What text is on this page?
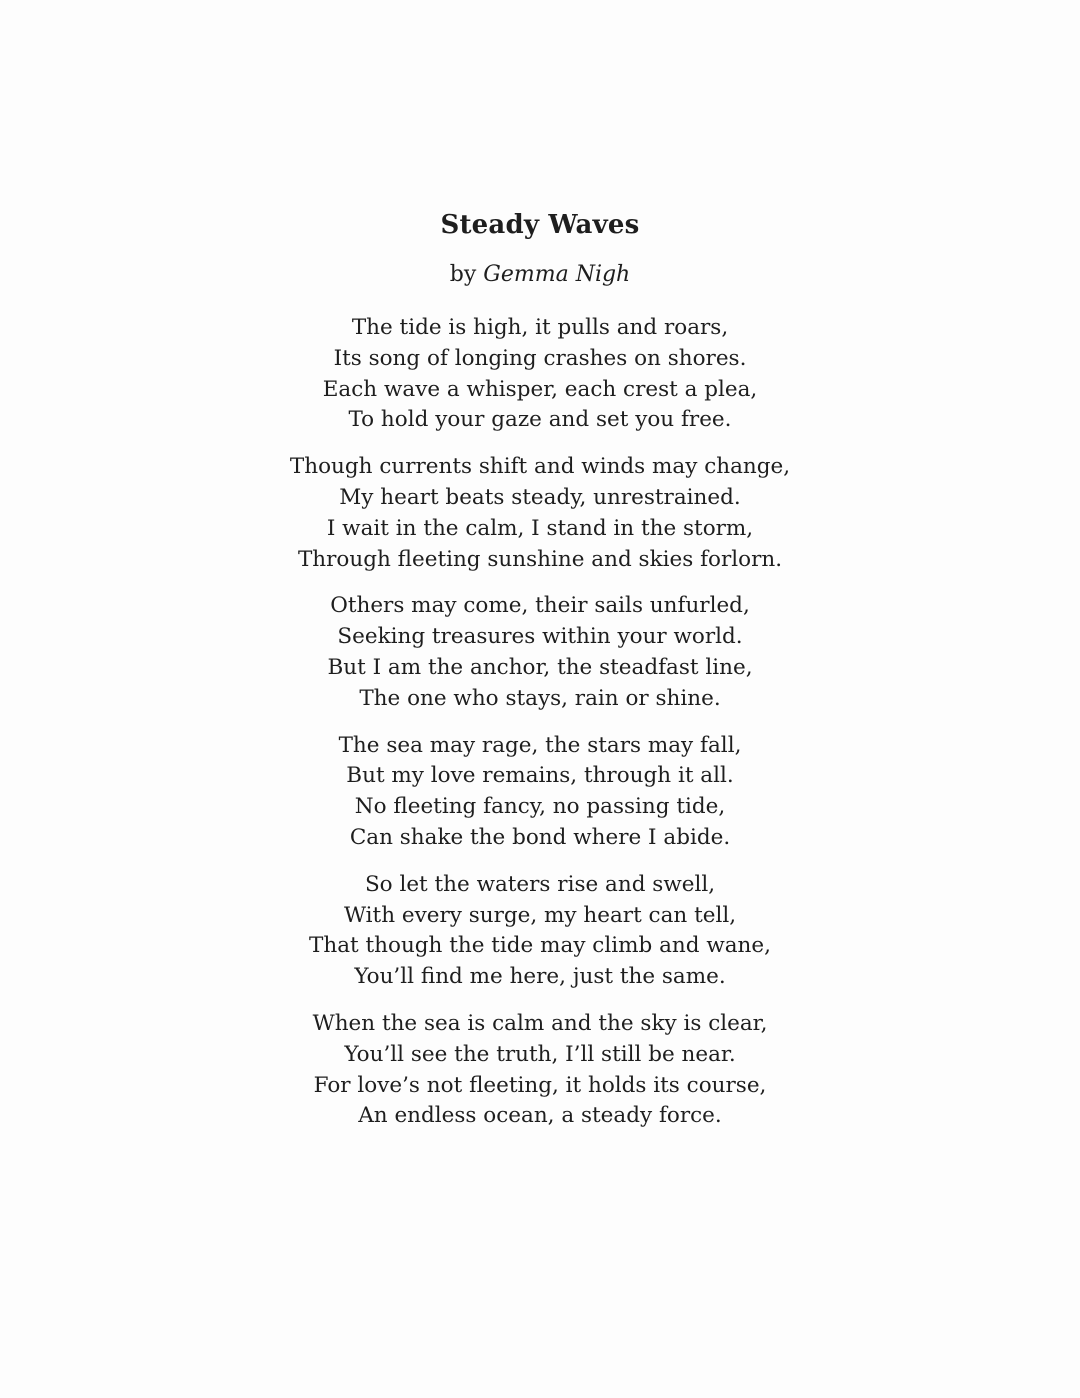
Steady Waves

by Gemma Nigh

The tide is high, it pulls and roars,
Its song of longing crashes on shores.
Each wave a whisper, each crest a plea,
To hold your gaze and set you free.

Though currents shift and winds may change,
My heart beats steady, unrestrained.
I wait in the calm, I stand in the storm,
Through fleeting sunshine and skies forlorn.

Others may come, their sails unfurled,
Seeking treasures within your world.
But I am the anchor, the steadfast line,
The one who stays, rain or shine.

The sea may rage, the stars may fall,
But my love remains, through it all.
No fleeting fancy, no passing tide,
Can shake the bond where I abide.

So let the waters rise and swell,
With every surge, my heart can tell,
That though the tide may climb and wane,
You’ll find me here, just the same.

When the sea is calm and the sky is clear,
You’ll see the truth, I’ll still be near.
For love’s not fleeting, it holds its course,
An endless ocean, a steady force.
